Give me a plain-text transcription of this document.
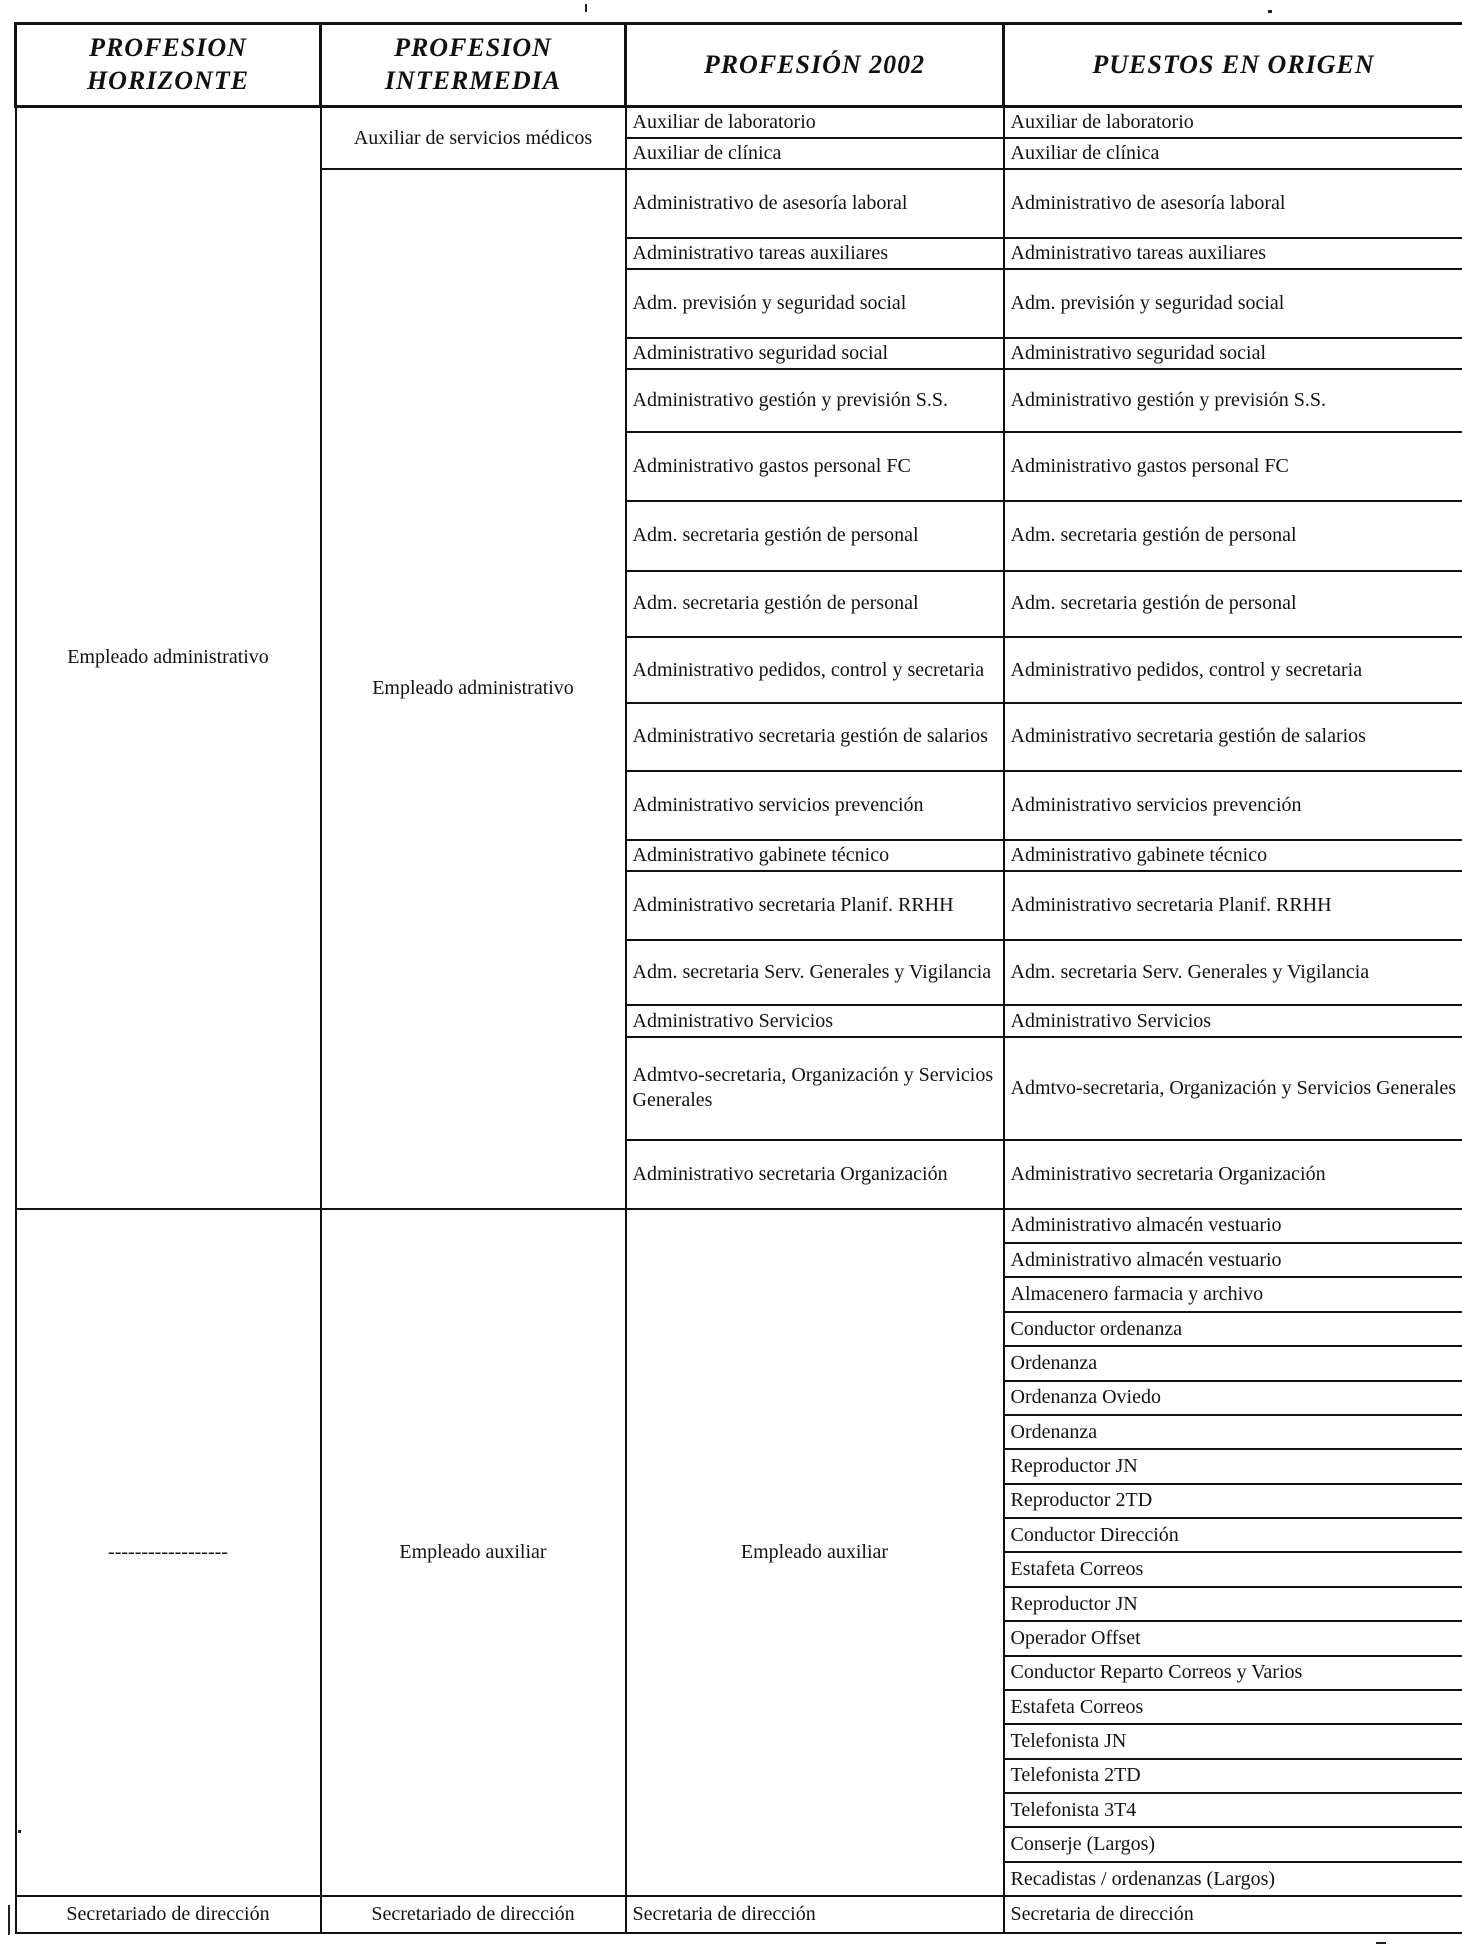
PROFESION HORIZONTE	PROFESION INTERMEDIA	PROFESIÓN 2002	PUESTOS EN ORIGEN
Empleado administrativo	Auxiliar de servicios médicos	Auxiliar de laboratorio	Auxiliar de laboratorio
		Auxiliar de clínica	Auxiliar de clínica
	Empleado administrativo	Administrativo de asesoría laboral	Administrativo de asesoría laboral
		Administrativo tareas auxiliares	Administrativo tareas auxiliares
		Adm. previsión y seguridad social	Adm. previsión y seguridad social
		Administrativo seguridad social	Administrativo seguridad social
		Administrativo gestión y previsión S.S.	Administrativo gestión y previsión S.S.
		Administrativo gastos personal FC	Administrativo gastos personal FC
		Adm. secretaria gestión de personal	Adm. secretaria gestión de personal
		Adm. secretaria gestión de personal	Adm. secretaria gestión de personal
		Administrativo pedidos, control y secretaria	Administrativo pedidos, control y secretaria
		Administrativo secretaria gestión de salarios	Administrativo secretaria gestión de salarios
		Administrativo servicios prevención	Administrativo servicios prevención
		Administrativo gabinete técnico	Administrativo gabinete técnico
		Administrativo secretaria Planif. RRHH	Administrativo secretaria Planif. RRHH
		Adm. secretaria Serv. Generales y Vigilancia	Adm. secretaria Serv. Generales y Vigilancia
		Administrativo Servicios	Administrativo Servicios
		Admtvo-secretaria, Organización y Servicios Generales	Admtvo-secretaria, Organización y Servicios Generales
		Administrativo secretaria Organización	Administrativo secretaria Organización
------------------	Empleado auxiliar	Empleado auxiliar	Administrativo almacén vestuario
			Administrativo almacén vestuario
			Almacenero farmacia y archivo
			Conductor ordenanza
			Ordenanza
			Ordenanza Oviedo
			Ordenanza
			Reproductor JN
			Reproductor 2TD
			Conductor Dirección
			Estafeta Correos
			Reproductor JN
			Operador Offset
			Conductor Reparto Correos y Varios
			Estafeta Correos
			Telefonista JN
			Telefonista 2TD
			Telefonista 3T4
			Conserje (Largos)
			Recadistas / ordenanzas (Largos)
Secretariado de dirección	Secretariado de dirección	Secretaria de dirección	Secretaria de dirección
